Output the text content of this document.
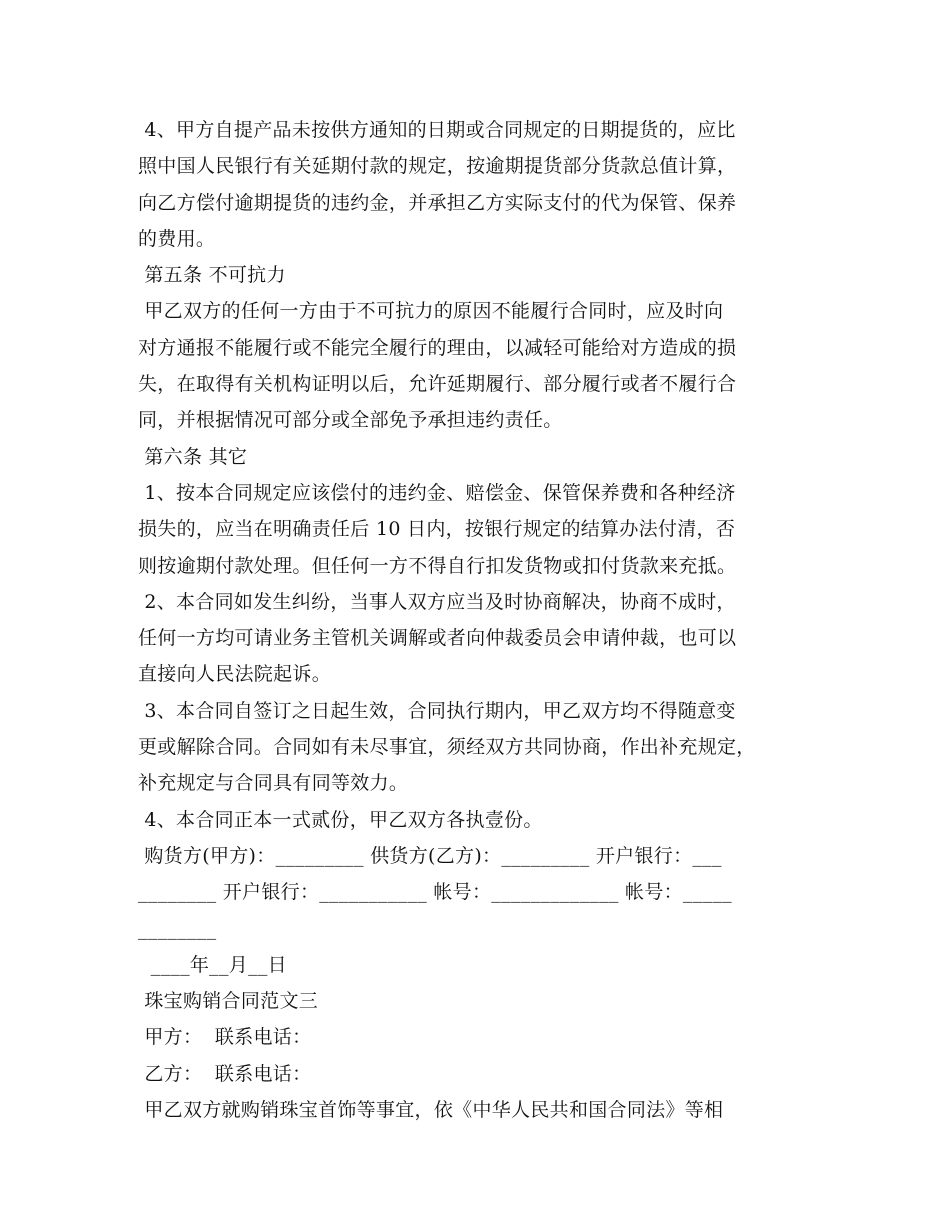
4、甲方自提产品未按供方通知的日期或合同规定的日期提货的，应比
照中国人民银行有关延期付款的规定，按逾期提货部分货款总值计算，
向乙方偿付逾期提货的违约金，并承担乙方实际支付的代为保管、保养
的费用。
第五条 不可抗力
甲乙双方的任何一方由于不可抗力的原因不能履行合同时，应及时向
对方通报不能履行或不能完全履行的理由，以减轻可能给对方造成的损
失，在取得有关机构证明以后，允许延期履行、部分履行或者不履行合
同，并根据情况可部分或全部免予承担违约责任。
第六条 其它
1、按本合同规定应该偿付的违约金、赔偿金、保管保养费和各种经济
损失的，应当在明确责任后 10 日内，按银行规定的结算办法付清，否
则按逾期付款处理。但任何一方不得自行扣发货物或扣付货款来充抵。
2、本合同如发生纠纷，当事人双方应当及时协商解决，协商不成时，
任何一方均可请业务主管机关调解或者向仲裁委员会申请仲裁，也可以
直接向人民法院起诉。
3、本合同自签订之日起生效，合同执行期内，甲乙双方均不得随意变
更或解除合同。合同如有未尽事宜，须经双方共同协商，作出补充规定，
补充规定与合同具有同等效力。
4、本合同正本一式贰份，甲乙双方各执壹份。
购货方(甲方)：_________ 供货方(乙方)：_________ 开户银行：___
________ 开户银行：___________ 帐号：_____________ 帐号：_____
________
____年__月__日
珠宝购销合同范文三
甲方：  联系电话：
乙方：  联系电话：
甲乙双方就购销珠宝首饰等事宜，依《中华人民共和国合同法》等相
